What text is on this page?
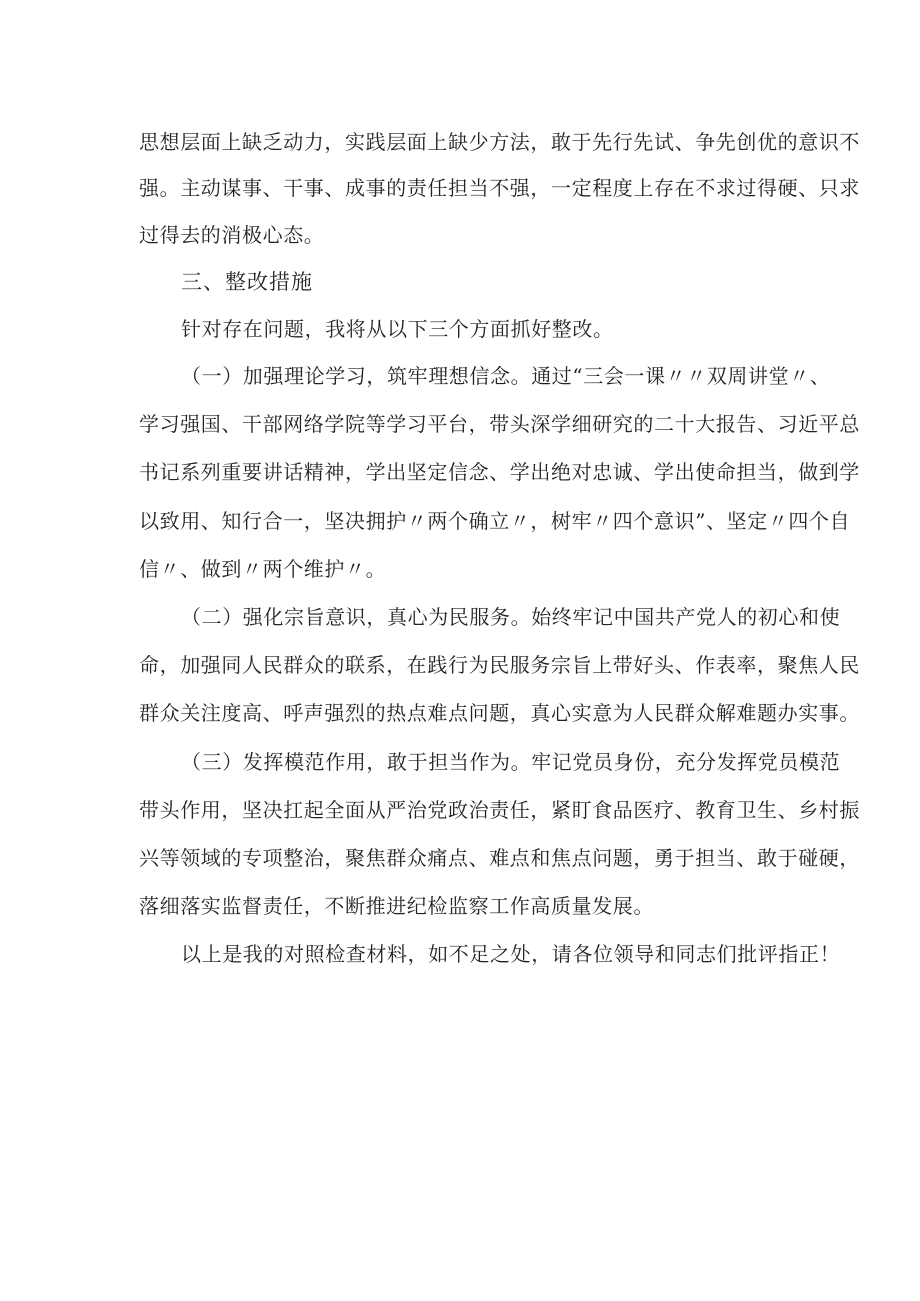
思想层面上缺乏动力，实践层面上缺少方法，敢于先行先试、争先创优的意识不
强。主动谋事、干事、成事的责任担当不强，一定程度上存在不求过得硬、只求
过得去的消极心态。
三、整改措施
针对存在问题，我将从以下三个方面抓好整改。
（一）加强理论学习，筑牢理想信念。通过“三会一课〃〃双周讲堂〃、
学习强国、干部网络学院等学习平台，带头深学细研究的二十大报告、习近平总
书记系列重要讲话精神，学出坚定信念、学出绝对忠诚、学出使命担当，做到学
以致用、知行合一，坚决拥护〃两个确立〃，树牢〃四个意识”、坚定〃四个自
信〃、做到〃两个维护〃。
（二）强化宗旨意识，真心为民服务。始终牢记中国共产党人的初心和使
命，加强同人民群众的联系，在践行为民服务宗旨上带好头、作表率，聚焦人民
群众关注度高、呼声强烈的热点难点问题，真心实意为人民群众解难题办实事。
（三）发挥模范作用，敢于担当作为。牢记党员身份，充分发挥党员模范
带头作用，坚决扛起全面从严治党政治责任，紧盯食品医疗、教育卫生、乡村振
兴等领域的专项整治，聚焦群众痛点、难点和焦点问题，勇于担当、敢于碰硬，
落细落实监督责任，不断推进纪检监察工作高质量发展。
以上是我的对照检查材料，如不足之处，请各位领导和同志们批评指正！
